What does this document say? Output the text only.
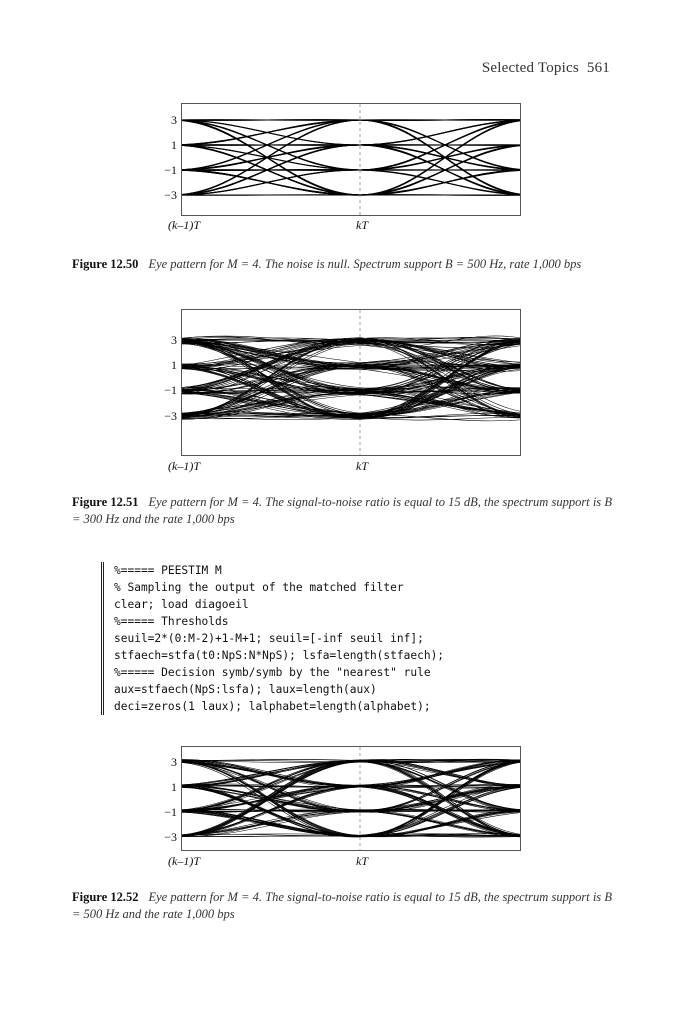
Selected Topics 561
3
1
−1
−3
(k–1)T	kT
Figure 12.50 Eye pattern for M = 4. The noise is null. Spectrum support B = 500 Hz, rate 1,000 bps
3
1
−1
−3
(k–1)T	kT
Figure 12.51 Eye pattern for M = 4. The signal-to-noise ratio is equal to 15 dB, the spectrum support is B = 300 Hz and the rate 1,000 bps
%===== PEESTIM M
% Sampling the output of the matched filter
clear; load diagoeil
%===== Thresholds
seuil=2*(0:M-2)+1-M+1; seuil=[-inf seuil inf];
stfaech=stfa(t0:NpS:N*NpS); lsfa=length(stfaech);
%===== Decision symb/symb by the "nearest" rule
aux=stfaech(NpS:lsfa); laux=length(aux)
deci=zeros(1 laux); lalphabet=length(alphabet);
3
1
−1
−3
(k–1)T	kT
Figure 12.52 Eye pattern for M = 4. The signal-to-noise ratio is equal to 15 dB, the spectrum support is B = 500 Hz and the rate 1,000 bps
